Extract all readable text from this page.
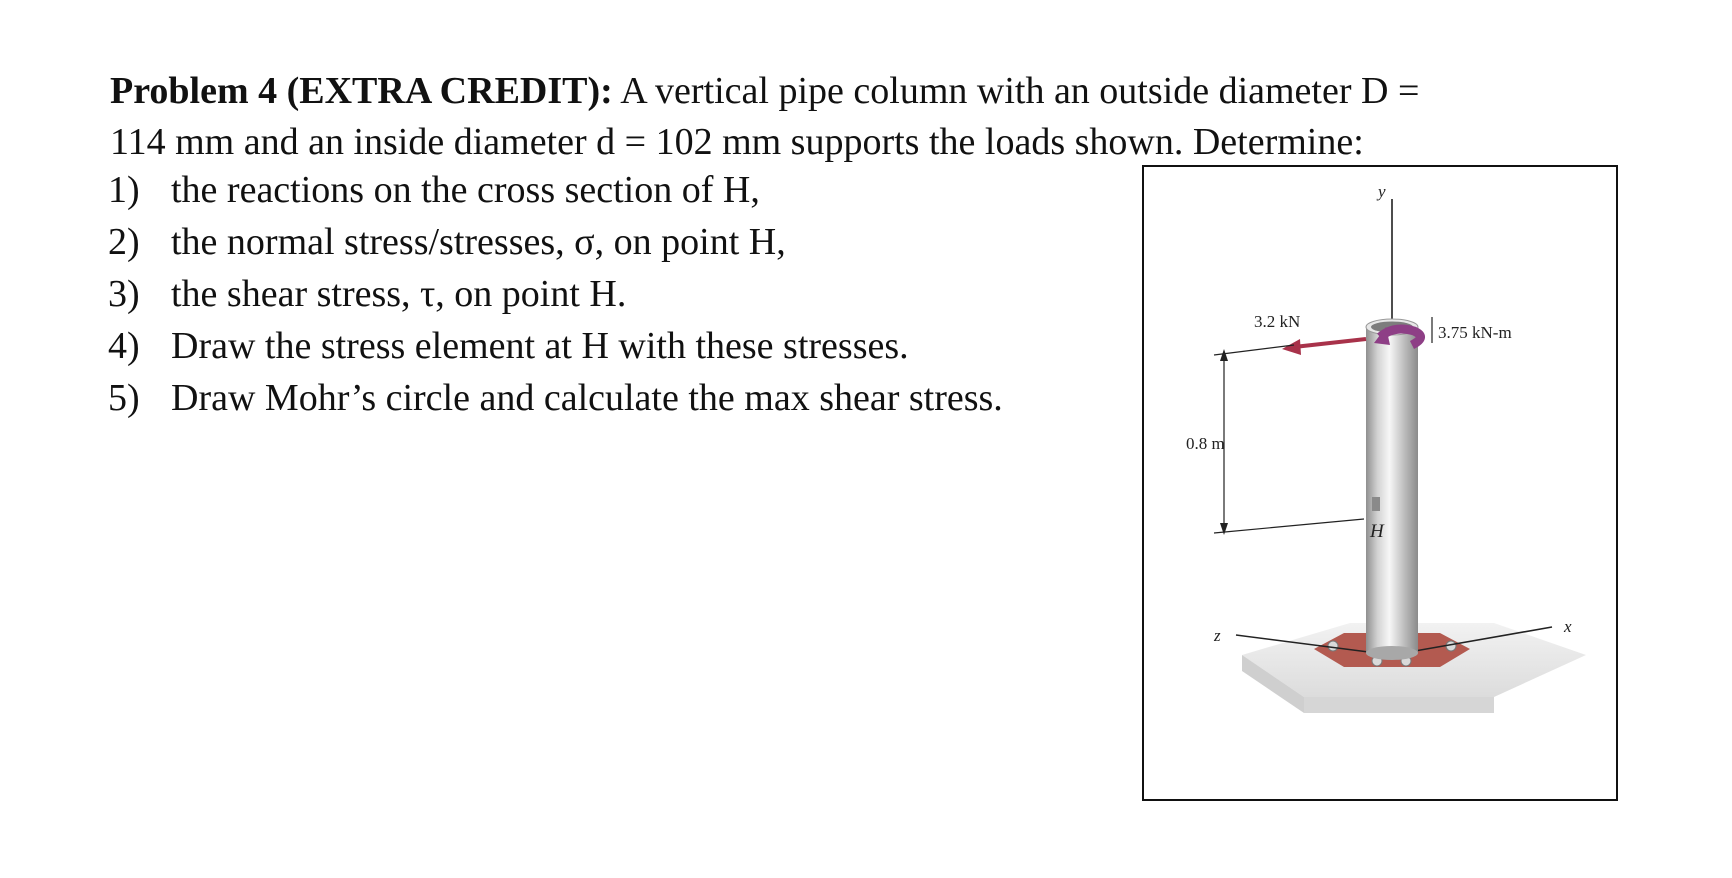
Problem 4 (EXTRA CREDIT): A vertical pipe column with an outside diameter D =
114 mm and an inside diameter d = 102 mm supports the loads shown. Determine:
1) the reactions on the cross section of H,
2) the normal stress/stresses, σ, on point H,
3) the shear stress, τ, on point H.
4) Draw the stress element at H with these stresses.
5) Draw Mohr’s circle and calculate the max shear stress.
H
3.2 kN
3.75 kN-m
0.8 m
y
x
z
